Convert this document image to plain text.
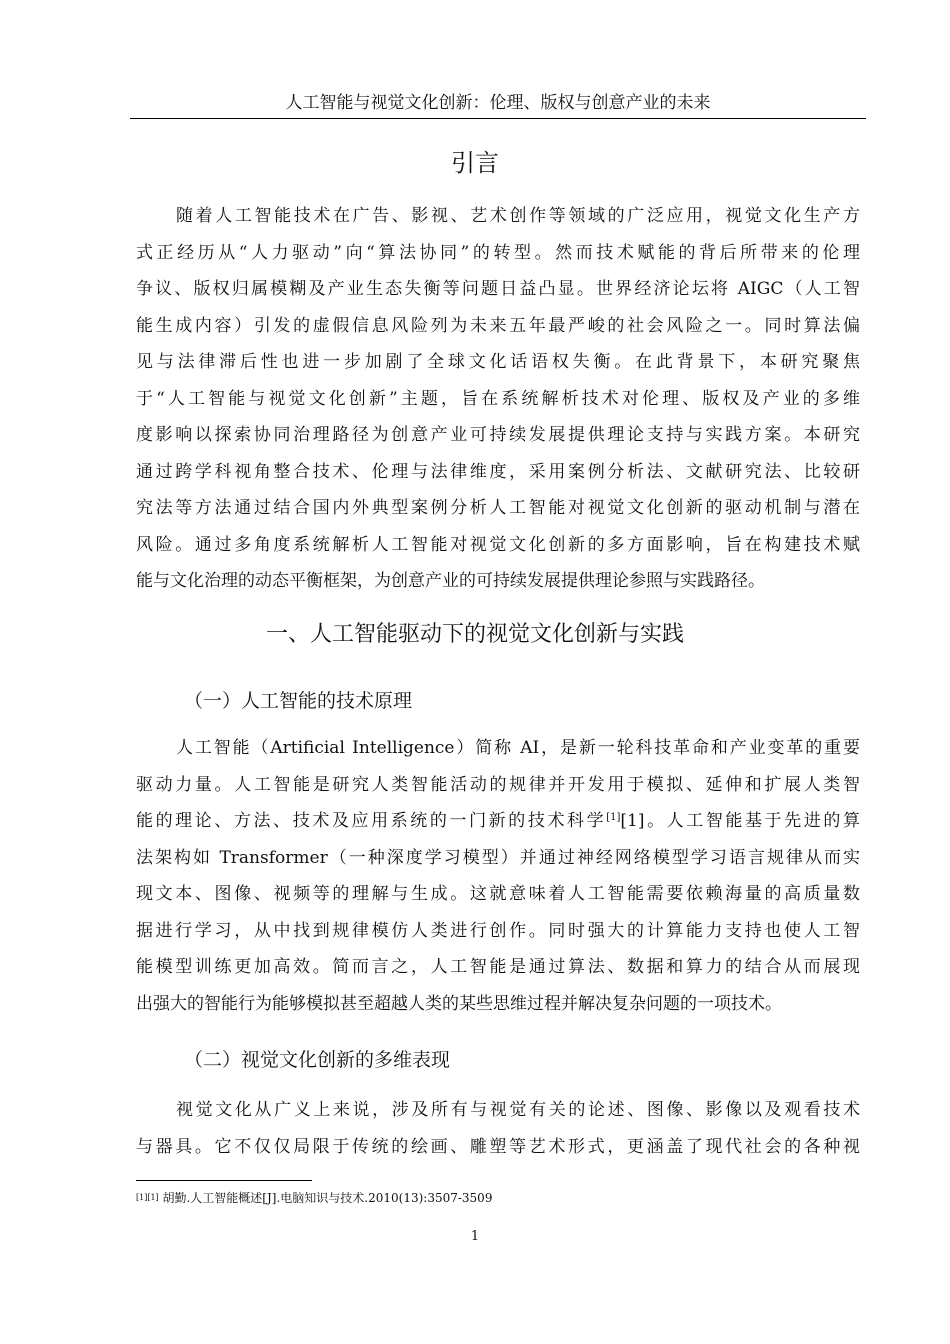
人工智能与视觉文化创新：伦理、版权与创意产业的未来
引言
随着人工智能技术在广告、影视、艺术创作等领域的广泛应用，视觉文化生产方
式正经历从“人力驱动”向“算法协同”的转型。然而技术赋能的背后所带来的伦理
争议、版权归属模糊及产业生态失衡等问题日益凸显。世界经济论坛将 AIGC（人工智
能生成内容）引发的虚假信息风险列为未来五年最严峻的社会风险之一。同时算法偏
见与法律滞后性也进一步加剧了全球文化话语权失衡。在此背景下，本研究聚焦
于“人工智能与视觉文化创新”主题，旨在系统解析技术对伦理、版权及产业的多维
度影响以探索协同治理路径为创意产业可持续发展提供理论支持与实践方案。本研究
通过跨学科视角整合技术、伦理与法律维度，采用案例分析法、文献研究法、比较研
究法等方法通过结合国内外典型案例分析人工智能对视觉文化创新的驱动机制与潜在
风险。通过多角度系统解析人工智能对视觉文化创新的多方面影响，旨在构建技术赋
能与文化治理的动态平衡框架，为创意产业的可持续发展提供理论参照与实践路径。
一、人工智能驱动下的视觉文化创新与实践
（一）人工智能的技术原理
人工智能（Artificial Intelligence）简称 AI，是新一轮科技革命和产业变革的重要
驱动力量。人工智能是研究人类智能活动的规律并开发用于模拟、延伸和扩展人类智
能的理论、方法、技术及应用系统的一门新的技术科学[1][1]。人工智能基于先进的算
法架构如 Transformer（一种深度学习模型）并通过神经网络模型学习语言规律从而实
现文本、图像、视频等的理解与生成。这就意味着人工智能需要依赖海量的高质量数
据进行学习，从中找到规律模仿人类进行创作。同时强大的计算能力支持也使人工智
能模型训练更加高效。简而言之，人工智能是通过算法、数据和算力的结合从而展现
出强大的智能行为能够模拟甚至超越人类的某些思维过程并解决复杂问题的一项技术。
（二）视觉文化创新的多维表现
视觉文化从广义上来说，涉及所有与视觉有关的论述、图像、影像以及观看技术
与器具。它不仅仅局限于传统的绘画、雕塑等艺术形式，更涵盖了现代社会的各种视
[1][1] 胡勤.人工智能概述[J].电脑知识与技术.2010(13):3507-3509
1
